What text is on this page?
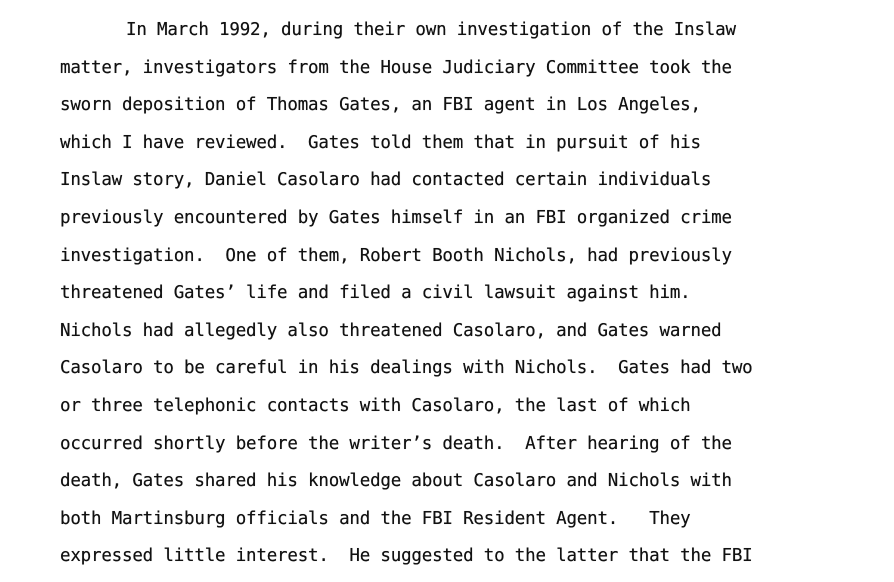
In March 1992, during their own investigation of the Inslaw
matter, investigators from the House Judiciary Committee took the
sworn deposition of Thomas Gates, an FBI agent in Los Angeles,
which I have reviewed.  Gates told them that in pursuit of his
Inslaw story, Daniel Casolaro had contacted certain individuals
previously encountered by Gates himself in an FBI organized crime
investigation.  One of them, Robert Booth Nichols, had previously
threatened Gates’ life and filed a civil lawsuit against him.
Nichols had allegedly also threatened Casolaro, and Gates warned
Casolaro to be careful in his dealings with Nichols.  Gates had two
or three telephonic contacts with Casolaro, the last of which
occurred shortly before the writer’s death.  After hearing of the
death, Gates shared his knowledge about Casolaro and Nichols with
both Martinsburg officials and the FBI Resident Agent.   They
expressed little interest.  He suggested to the latter that the FBI
